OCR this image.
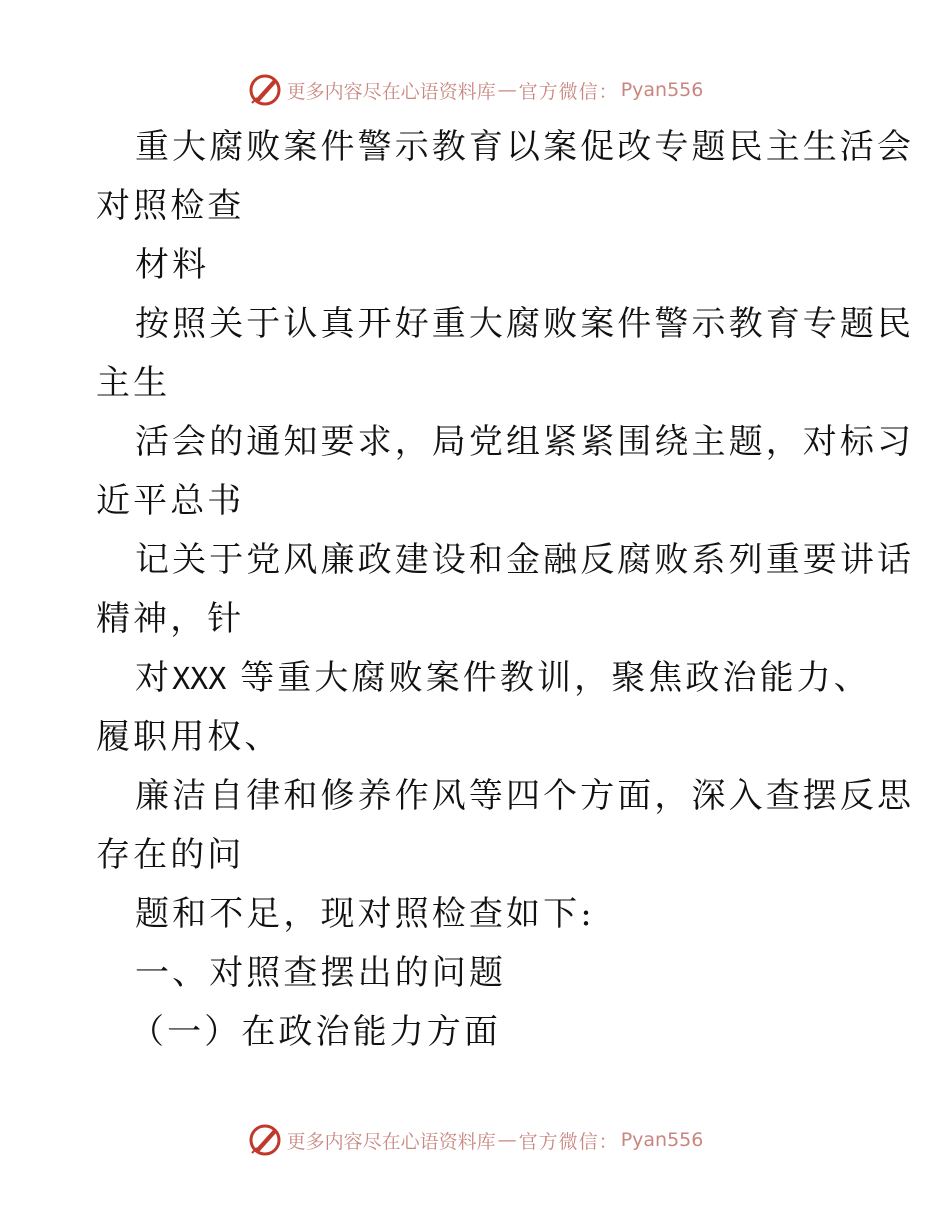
更多内容尽在心语资料库 — 官方微信： Pyan556
重大腐败案件警示教育以案促改专题民主生活会
对照检查
材料
按照关于认真开好重大腐败案件警示教育专题民
主生
活会的通知要求，局党组紧紧围绕主题，对标习
近平总书
记关于党风廉政建设和金融反腐败系列重要讲话
精神，针
对XXX 等重大腐败案件教训，聚焦政治能力、
履职用权、
廉洁自律和修养作风等四个方面，深入查摆反思
存在的问
题和不足，现对照检查如下:
一、对照查摆出的问题
（一）在政治能力方面
更多内容尽在心语资料库 — 官方微信： Pyan556
